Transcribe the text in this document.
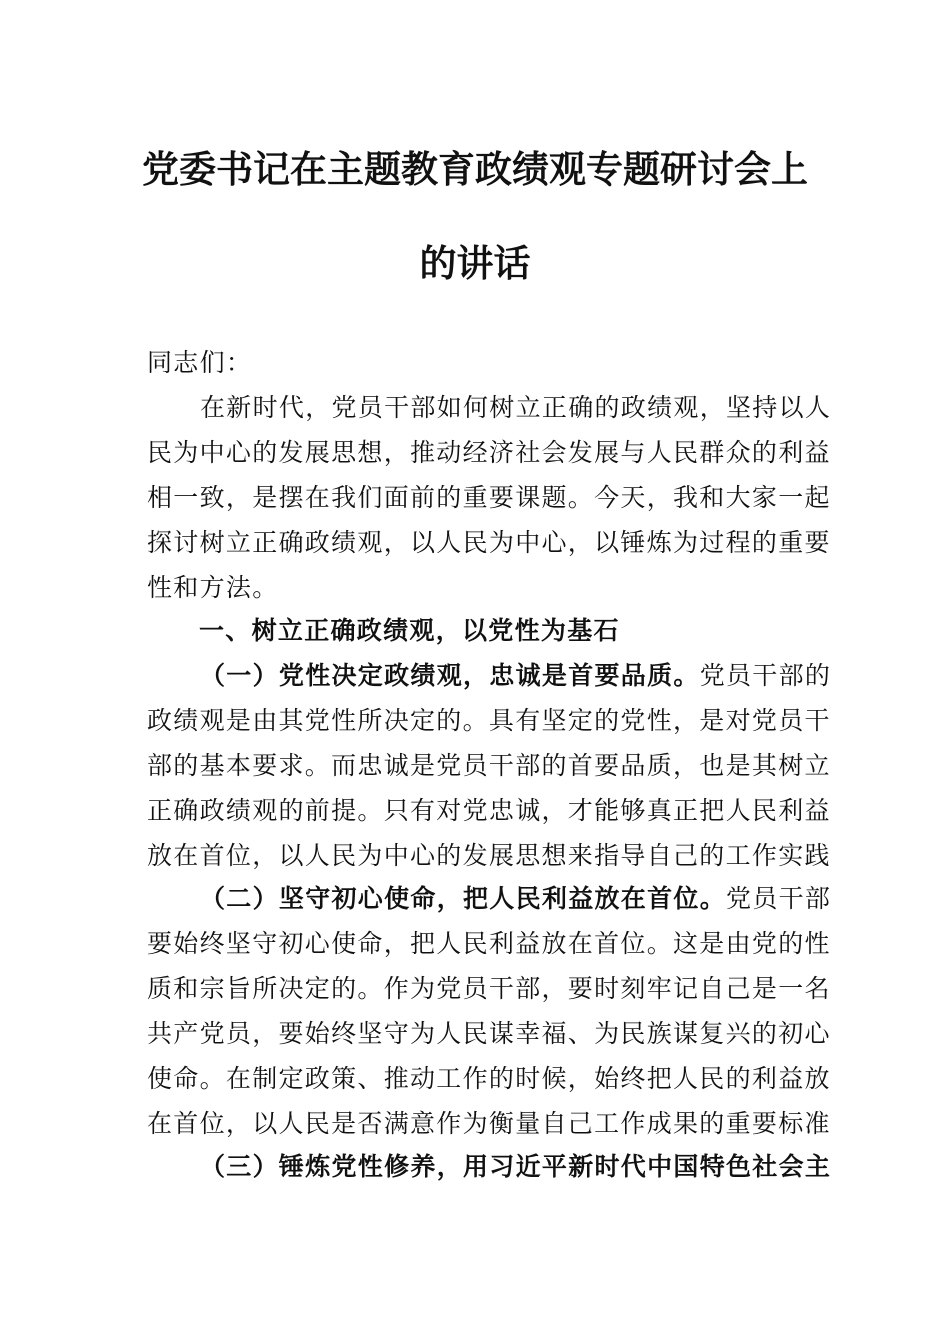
党委书记在主题教育政绩观专题研讨会上
的讲话
同志们：
在新时代，党员干部如何树立正确的政绩观，坚持以人
民为中心的发展思想，推动经济社会发展与人民群众的利益
相一致，是摆在我们面前的重要课题。今天，我和大家一起
探讨树立正确政绩观，以人民为中心，以锤炼为过程的重要
性和方法。
一、树立正确政绩观，以党性为基石
（一）党性决定政绩观，忠诚是首要品质。党员干部的
政绩观是由其党性所决定的。具有坚定的党性，是对党员干
部的基本要求。而忠诚是党员干部的首要品质，也是其树立
正确政绩观的前提。只有对党忠诚，才能够真正把人民利益
放在首位，以人民为中心的发展思想来指导自己的工作实践
（二）坚守初心使命，把人民利益放在首位。党员干部
要始终坚守初心使命，把人民利益放在首位。这是由党的性
质和宗旨所决定的。作为党员干部，要时刻牢记自己是一名
共产党员，要始终坚守为人民谋幸福、为民族谋复兴的初心
使命。在制定政策、推动工作的时候，始终把人民的利益放
在首位，以人民是否满意作为衡量自己工作成果的重要标准
（三）锤炼党性修养，用习近平新时代中国特色社会主
